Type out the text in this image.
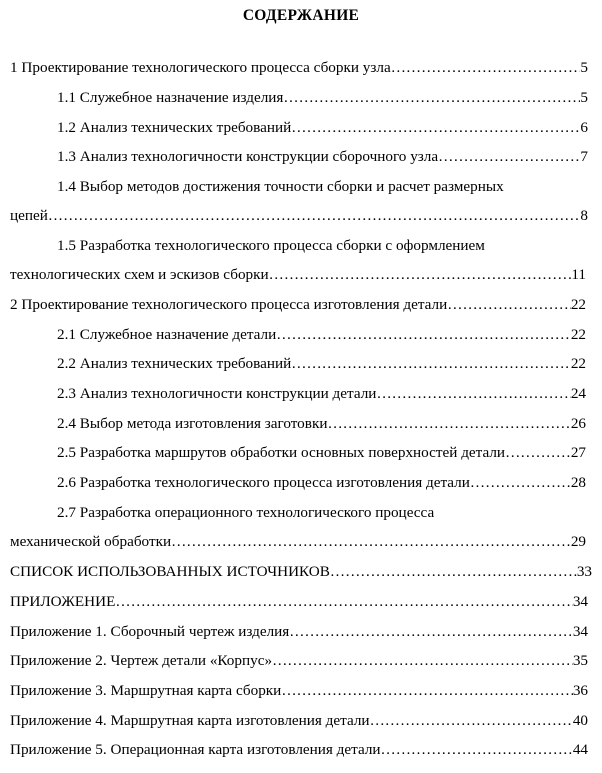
СОДЕРЖАНИЕ
1 Проектирование технологического процесса сборки узла ……………………………………………………………………………………………………………………………………………………………………………………	5
1.1 Служебное назначение изделия ……………………………………………………………………………………………………………………………………………………………………………………	5
1.2 Анализ технических требований ……………………………………………………………………………………………………………………………………………………………………………………	6
1.3 Анализ технологичности конструкции сборочного узла ……………………………………………………………………………………………………………………………………………………………………………………	7
1.4 Выбор методов достижения точности сборки и расчет размерных
цепей ……………………………………………………………………………………………………………………………………………………………………………………	8
1.5 Разработка технологического процесса сборки с оформлением
технологических схем и эскизов сборки ……………………………………………………………………………………………………………………………………………………………………………………	11
2 Проектирование технологического процесса изготовления детали ……………………………………………………………………………………………………………………………………………………………………………………	22
2.1 Служебное назначение детали ……………………………………………………………………………………………………………………………………………………………………………………	22
2.2 Анализ технических требований ……………………………………………………………………………………………………………………………………………………………………………………	22
2.3 Анализ технологичности конструкции детали ……………………………………………………………………………………………………………………………………………………………………………………	24
2.4 Выбор метода изготовления заготовки ……………………………………………………………………………………………………………………………………………………………………………………	26
2.5 Разработка маршрутов обработки основных поверхностей детали ……………………………………………………………………………………………………………………………………………………………………………………	27
2.6 Разработка технологического процесса изготовления детали ……………………………………………………………………………………………………………………………………………………………………………………	28
2.7 Разработка операционного технологического процесса
механической обработки ……………………………………………………………………………………………………………………………………………………………………………………	29
СПИСОК ИСПОЛЬЗОВАННЫХ ИСТОЧНИКОВ ……………………………………………………………………………………………………………………………………………………………………………………	33
ПРИЛОЖЕНИЕ ……………………………………………………………………………………………………………………………………………………………………………………	34
Приложение 1. Сборочный чертеж изделия ……………………………………………………………………………………………………………………………………………………………………………………	34
Приложение 2. Чертеж детали «Корпус» ……………………………………………………………………………………………………………………………………………………………………………………	35
Приложение 3. Маршрутная карта сборки ……………………………………………………………………………………………………………………………………………………………………………………	36
Приложение 4. Маршрутная карта изготовления детали ……………………………………………………………………………………………………………………………………………………………………………………	40
Приложение 5. Операционная карта изготовления детали ……………………………………………………………………………………………………………………………………………………………………………………	44
